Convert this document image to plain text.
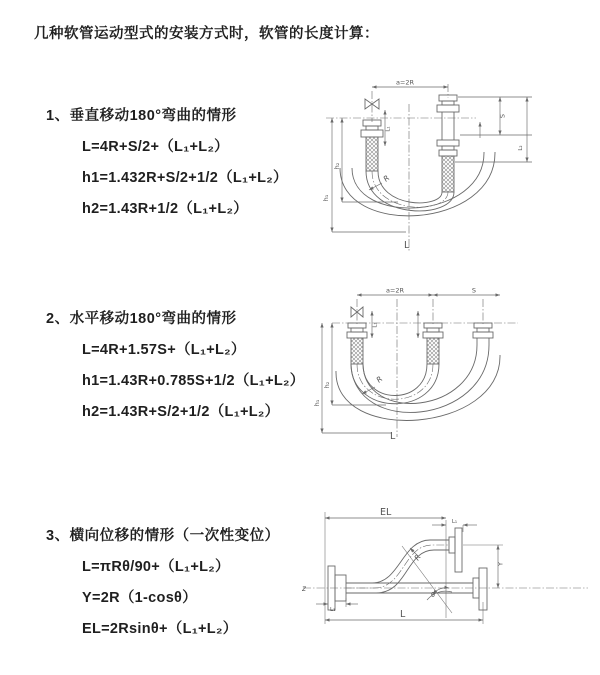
几种软管运动型式的安装方式时，软管的长度计算：
1、垂直移动180°弯曲的情形
L=4R+S/2+（L₁+L₂）
h1=1.432R+S/2+1/2（L₁+L₂）
h2=1.43R+1/2（L₁+L₂）
2、水平移动180°弯曲的情形
L=4R+1.57S+（L₁+L₂）
h1=1.43R+0.785S+1/2（L₁+L₂）
h2=1.43R+S/2+1/2（L₁+L₂）
3、横向位移的情形（一次性变位）
L=πRθ/90+（L₁+L₂）
Y=2R（1-cosθ）
EL=2Rsinθ+（L₁+L₂）
a=2R
S
L₁
L₂
h₁
h₂
R
L
a=2R	S
h₁
h₂
L₁
R
L
EL
L₁
Y
L
L₁
θ
R
z
